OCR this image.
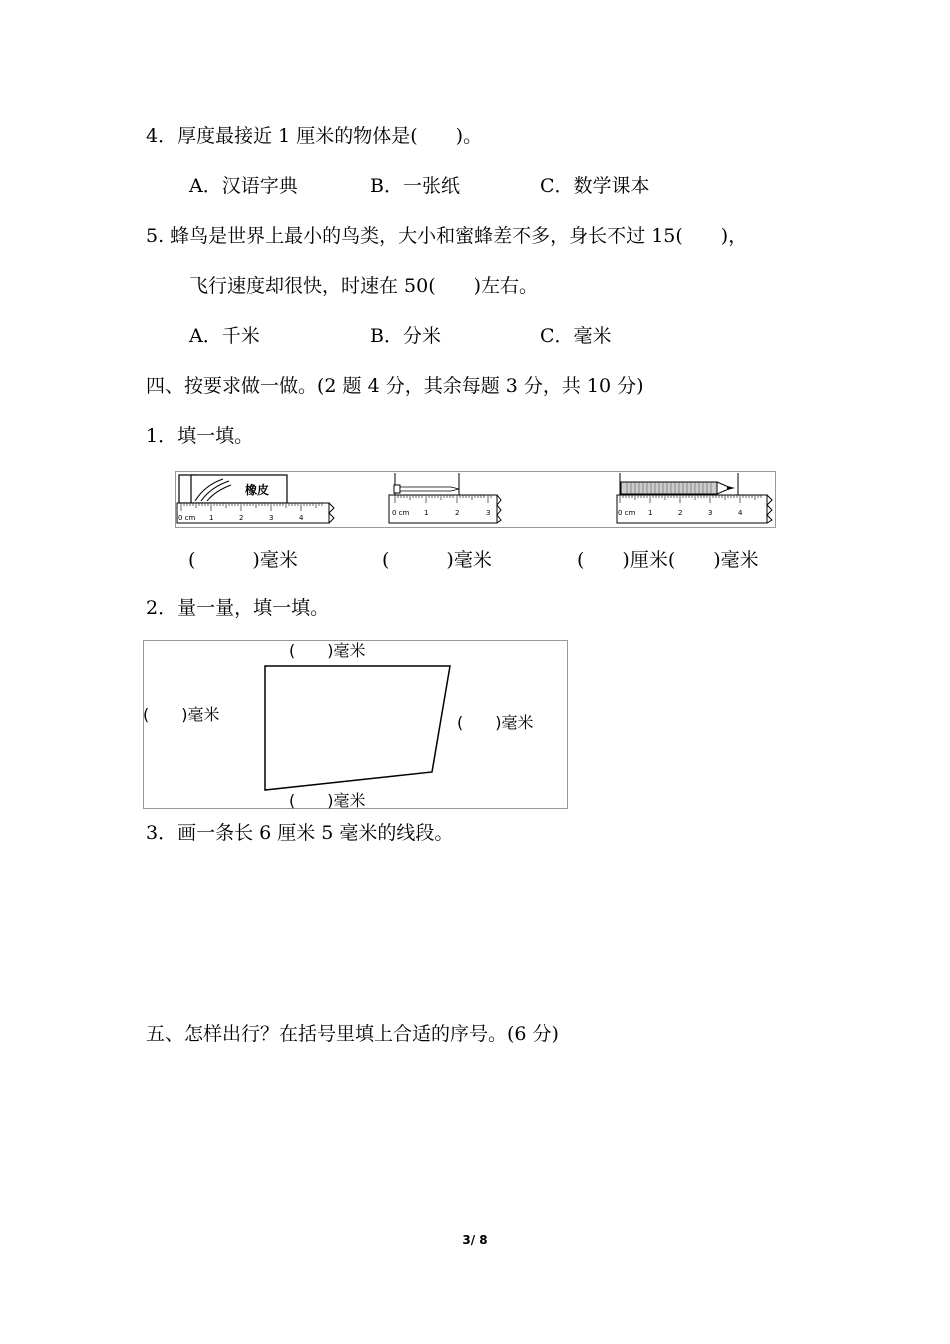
4．厚度最接近 1 厘米的物体是(　　)。
A．汉语字典	B．一张纸	C．数学课本
5. 蜂鸟是世界上最小的鸟类，大小和蜜蜂差不多，身长不过 15(　　)，
飞行速度却很快，时速在 50(　　)左右。
A．千米	B．分米	C．毫米
四、按要求做一做。(2 题 4 分，其余每题 3 分，共 10 分)
1．填一填。
0 cm 1	2	3	4
橡皮
0 cm 1	2	3	0 cm 1	2	3	4
(　　　)毫米	(　　　)毫米	(　　)厘米(　　)毫米
2．量一量，填一填。
(　　)毫米
(　　)毫米	(　　)毫米
(　　)毫米
3．画一条长 6 厘米 5 毫米的线段。
五、怎样出行？在括号里填上合适的序号。(6 分)
3/ 8
